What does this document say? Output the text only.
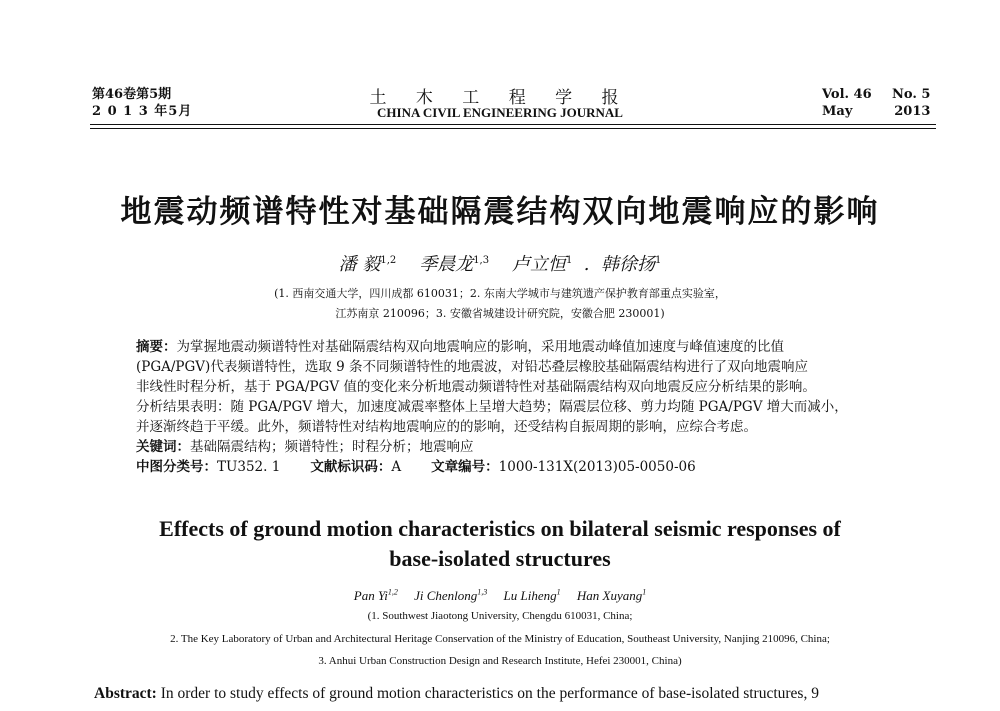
第46卷第5期
2 0 1 3 年5月
土 木 工 程 学 报
CHINA CIVIL ENGINEERING JOURNAL
Vol. 46
May
No. 5
2013
地震动频谱特性对基础隔震结构双向地震响应的影响
潘 毅$^{1,2}$ 季晨龙$^{1,3}$ 卢立恒$^1$  .  韩徐扬$^1$
(1. 西南交通大学，四川成都 610031；2. 东南大学城市与建筑遗产保护教育部重点实验室，
江苏南京 210096；3. 安徽省城建设计研究院，安徽合肥 230001)
摘要：为掌握地震动频谱特性对基础隔震结构双向地震响应的影响，采用地震动峰值加速度与峰值速度的比值
(PGA/PGV)代表频谱特性，选取 9 条不同频谱特性的地震波，对铅芯叠层橡胶基础隔震结构进行了双向地震响应
非线性时程分析，基于 PGA/PGV 值的变化来分析地震动频谱特性对基础隔震结构双向地震反应分析结果的影响。
分析结果表明：随 PGA/PGV 增大，加速度减震率整体上呈增大趋势；隔震层位移、剪力均随 PGA/PGV 增大而减小，
并逐渐终趋于平缓。此外，频谱特性对结构地震响应的的影响，还受结构自振周期的影响，应综合考虑。
关键词：基础隔震结构；频谱特性；时程分析；地震响应
中图分类号：TU352. 1 文献标识码：A 文章编号：1000-131X(2013)05-0050-06
Effects of ground motion characteristics on bilateral seismic responses of
base-isolated structures
Pan Yi$^{1,2}$ Ji Chenlong$^{1,3}$ Lu Liheng$^1$ Han Xuyang$^1$
(1. Southwest Jiaotong University, Chengdu 610031, China;
2. The Key Laboratory of Urban and Architectural Heritage Conservation of the Ministry of Education, Southeast University, Nanjing 210096, China;
3. Anhui Urban Construction Design and Research Institute, Hefei 230001, China)
Abstract: In order to study effects of ground motion characteristics on the performance of base-isolated structures, 9
